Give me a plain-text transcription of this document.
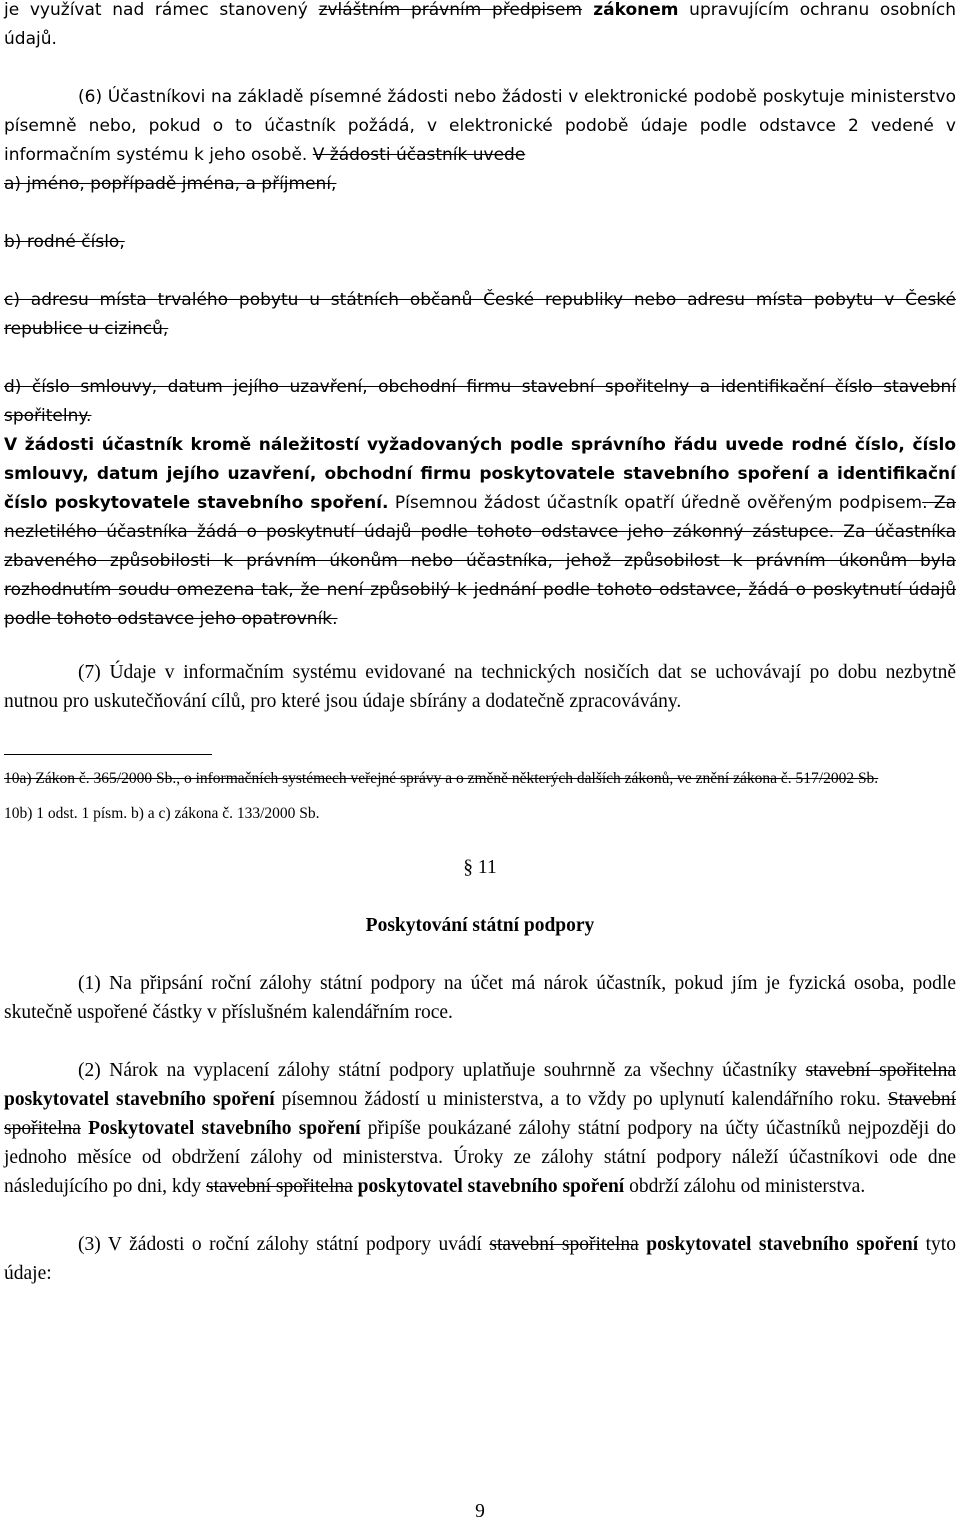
je využívat nad rámec stanovený zvláštním právním předpisem zákonem upravujícím ochranu osobních údajů.

(6) Účastníkovi na základě písemné žádosti nebo žádosti v elektronické podobě poskytuje ministerstvo písemně nebo, pokud o to účastník požádá, v elektronické podobě údaje podle odstavce 2 vedené v informačním systému k jeho osobě. V žádosti účastník uvede

a) jméno, popřípadě jména, a příjmení,

b) rodné číslo,

c) adresu místa trvalého pobytu u státních občanů České republiky nebo adresu místa pobytu v České republice u cizinců,

d) číslo smlouvy, datum jejího uzavření, obchodní firmu stavební spořitelny a identifikační číslo stavební spořitelny.

V žádosti účastník kromě náležitostí vyžadovaných podle správního řádu uvede rodné číslo, číslo smlouvy, datum jejího uzavření, obchodní firmu poskytovatele stavebního spoření a identifikační číslo poskytovatele stavebního spoření. Písemnou žádost účastník opatří úředně ověřeným podpisem. Za nezletilého účastníka žádá o poskytnutí údajů podle tohoto odstavce jeho zákonný zástupce. Za účastníka zbaveného způsobilosti k právním úkonům nebo účastníka, jehož způsobilost k právním úkonům byla rozhodnutím soudu omezena tak, že není způsobilý k jednání podle tohoto odstavce, žádá o poskytnutí údajů podle tohoto odstavce jeho opatrovník.

(7) Údaje v informačním systému evidované na technických nosičích dat se uchovávají po dobu nezbytně nutnou pro uskutečňování cílů, pro které jsou údaje sbírány a dodatečně zpracovávány.

10a) Zákon č. 365/2000 Sb., o informačních systémech veřejné správy a o změně některých dalších zákonů, ve znění zákona č. 517/2002 Sb.

10b) 1 odst. 1 písm. b) a c) zákona č. 133/2000 Sb.

§ 11

Poskytování státní podpory

(1) Na připsání roční zálohy státní podpory na účet má nárok účastník, pokud jím je fyzická osoba, podle skutečně uspořené částky v příslušném kalendářním roce.

(2) Nárok na vyplacení zálohy státní podpory uplatňuje souhrnně za všechny účastníky stavební spořitelna poskytovatel stavebního spoření písemnou žádostí u ministerstva, a to vždy po uplynutí kalendářního roku. Stavební spořitelna Poskytovatel stavebního spoření připíše poukázané zálohy státní podpory na účty účastníků nejpozději do jednoho měsíce od obdržení zálohy od ministerstva. Úroky ze zálohy státní podpory náleží účastníkovi ode dne následujícího po dni, kdy stavební spořitelna poskytovatel stavebního spoření obdrží zálohu od ministerstva.

(3) V žádosti o roční zálohy státní podpory uvádí stavební spořitelna poskytovatel stavebního spoření tyto údaje:

9
